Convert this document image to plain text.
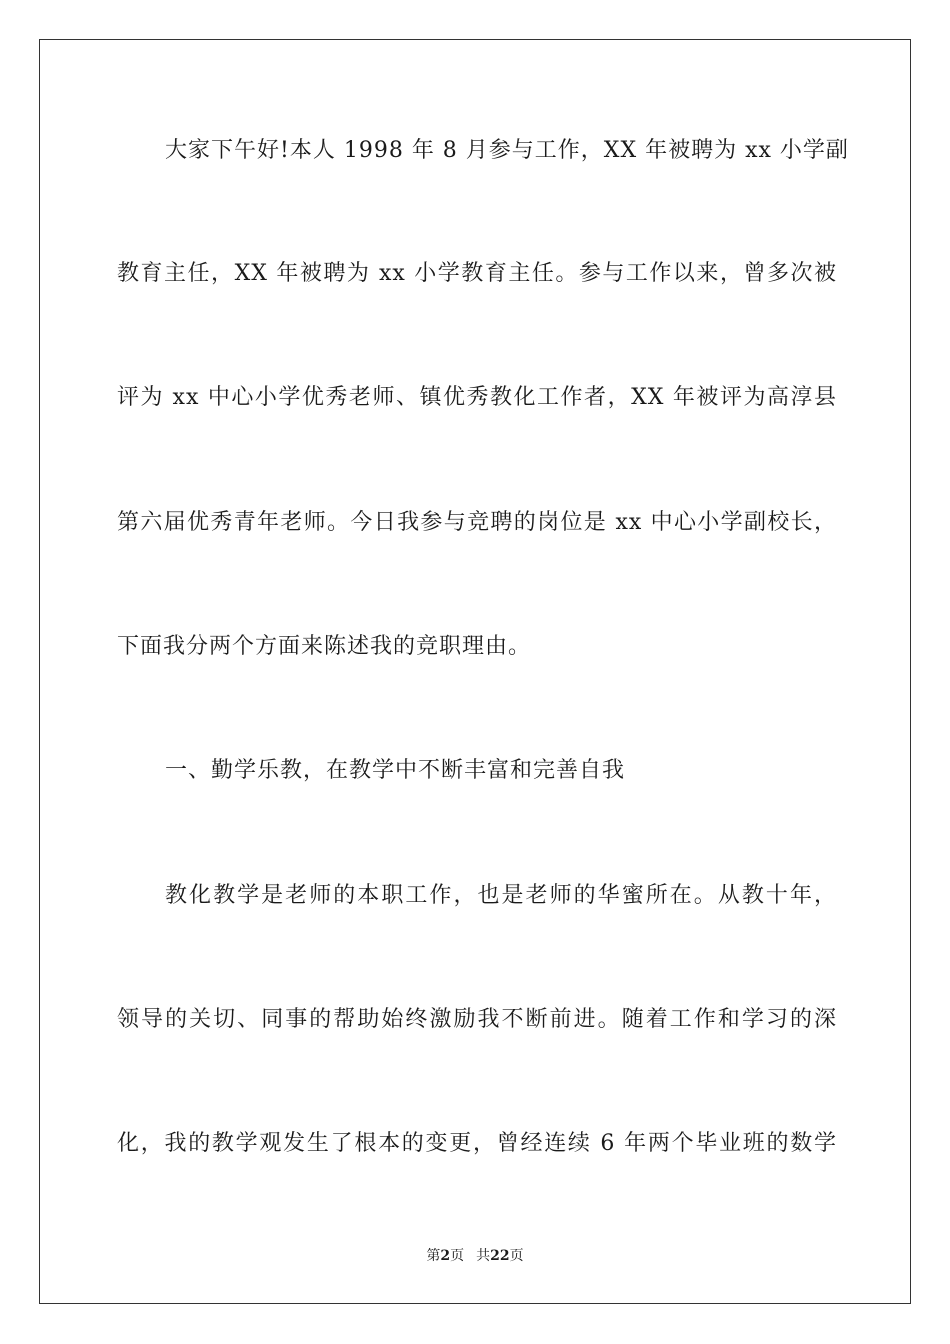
大家下午好!本人 1998 年 8 月参与工作，XX 年被聘为 xx 小学副
教育主任，XX 年被聘为 xx 小学教育主任。参与工作以来，曾多次被
评为 xx 中心小学优秀老师、镇优秀教化工作者，XX 年被评为高淳县
第六届优秀青年老师。今日我参与竞聘的岗位是 xx 中心小学副校长，
下面我分两个方面来陈述我的竞职理由。
一、勤学乐教，在教学中不断丰富和完善自我
教化教学是老师的本职工作，也是老师的华蜜所在。从教十年，
领导的关切、同事的帮助始终激励我不断前进。随着工作和学习的深
化，我的教学观发生了根本的变更，曾经连续 6 年两个毕业班的数学
第2页 共22页
